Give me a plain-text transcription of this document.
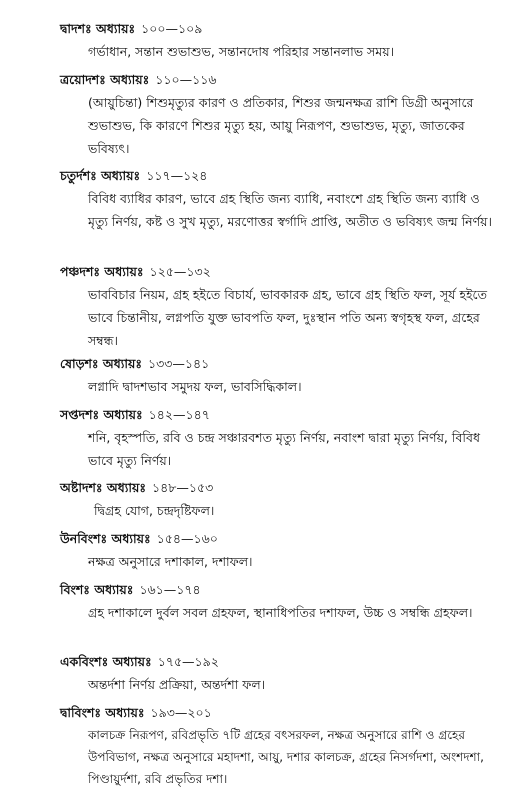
দ্বাদশঃ অধ্যায়ঃ ১০০—১০৯
গর্ভাধান, সন্তান শুভাশুভ, সন্তানদোষ পরিহার সন্তানলাভ সময়।
ত্রয়োদশঃ অধ্যায়ঃ ১১০—১১৬
(আয়ুচিন্তা) শিশুমৃত্যুর কারণ ও প্রতিকার, শিশুর জন্মনক্ষত্র রাশি ডিগ্রী অনুসারে শুভাশুভ, কি কারণে শিশুর মৃত্যু হয়, আয়ু নিরূপণ, শুভাশুভ, মৃত্যু, জাতকের ভবিষ্যৎ।
চতুর্দশঃ অধ্যায়ঃ ১১৭—১২৪
বিবিধ ব্যাধির কারণ, ভাবে গ্রহ স্থিতি জন্য ব্যাধি, নবাংশে গ্রহ স্থিতি জন্য ব্যাধি ও মৃত্যু নির্ণয়, কষ্ট ও সুখ মৃত্যু, মরণোত্তর স্বর্গাদি প্রাপ্তি, অতীত ও ভবিষ্যৎ জন্ম নির্ণয়।
পঞ্চদশঃ অধ্যায়ঃ ১২৫—১৩২
ভাববিচার নিয়ম, গ্রহ হইতে বিচার্য, ভাবকারক গ্রহ, ভাবে গ্রহ স্থিতি ফল, সূর্য হইতে ভাবে চিন্তানীয়, লগ্নপতি যুক্ত ভাবপতি ফল, দুঃস্থান পতি অন্য স্বগৃহস্থ ফল, গ্রহের সম্বন্ধ।
ষোড়শঃ অধ্যায়ঃ ১৩৩—১৪১
লগ্নাদি দ্বাদশভাব সমুদয় ফল, ভাবসিদ্ধিকাল।
সপ্তদশঃ অধ্যায়ঃ ১৪২—১৪৭
শনি, বৃহস্পতি, রবি ও চন্দ্র সঞ্চারবশত মৃত্যু নির্ণয়, নবাংশ দ্বারা মৃত্যু নির্ণয়, বিবিধ ভাবে মৃত্যু নির্ণয়।
অষ্টাদশঃ অধ্যায়ঃ ১৪৮—১৫৩
দ্বিগ্রহ যোগ, চন্দ্রদৃষ্টিফল।
উনবিংশঃ অধ্যায়ঃ ১৫৪—১৬০
নক্ষত্র অনুসারে দশাকাল, দশাফল।
বিংশঃ অধ্যায়ঃ ১৬১—১৭৪
গ্রহ দশাকালে দুর্বল সবল গ্রহফল, স্থানাধিপতির দশাফল, উচ্চ ও সম্বন্ধি গ্রহফল।
একবিংশঃ অধ্যায়ঃ ১৭৫—১৯২
অন্তর্দশা নির্ণয় প্রক্রিয়া, অন্তর্দশা ফল।
দ্বাবিংশঃ অধ্যায়ঃ ১৯৩—২০১
কালচক্র নিরূপণ, রবিপ্রভৃতি ৭টি গ্রহের বৎসরফল, নক্ষত্র অনুসারে রাশি ও গ্রহের উপবিভাগ, নক্ষত্র অনুসারে মহাদশা, আয়ু, দশার কালচক্র, গ্রহের নিসর্গদশা, অংশদশা, পিণ্ডায়ুর্দশা, রবি প্রভৃতির দশা।
